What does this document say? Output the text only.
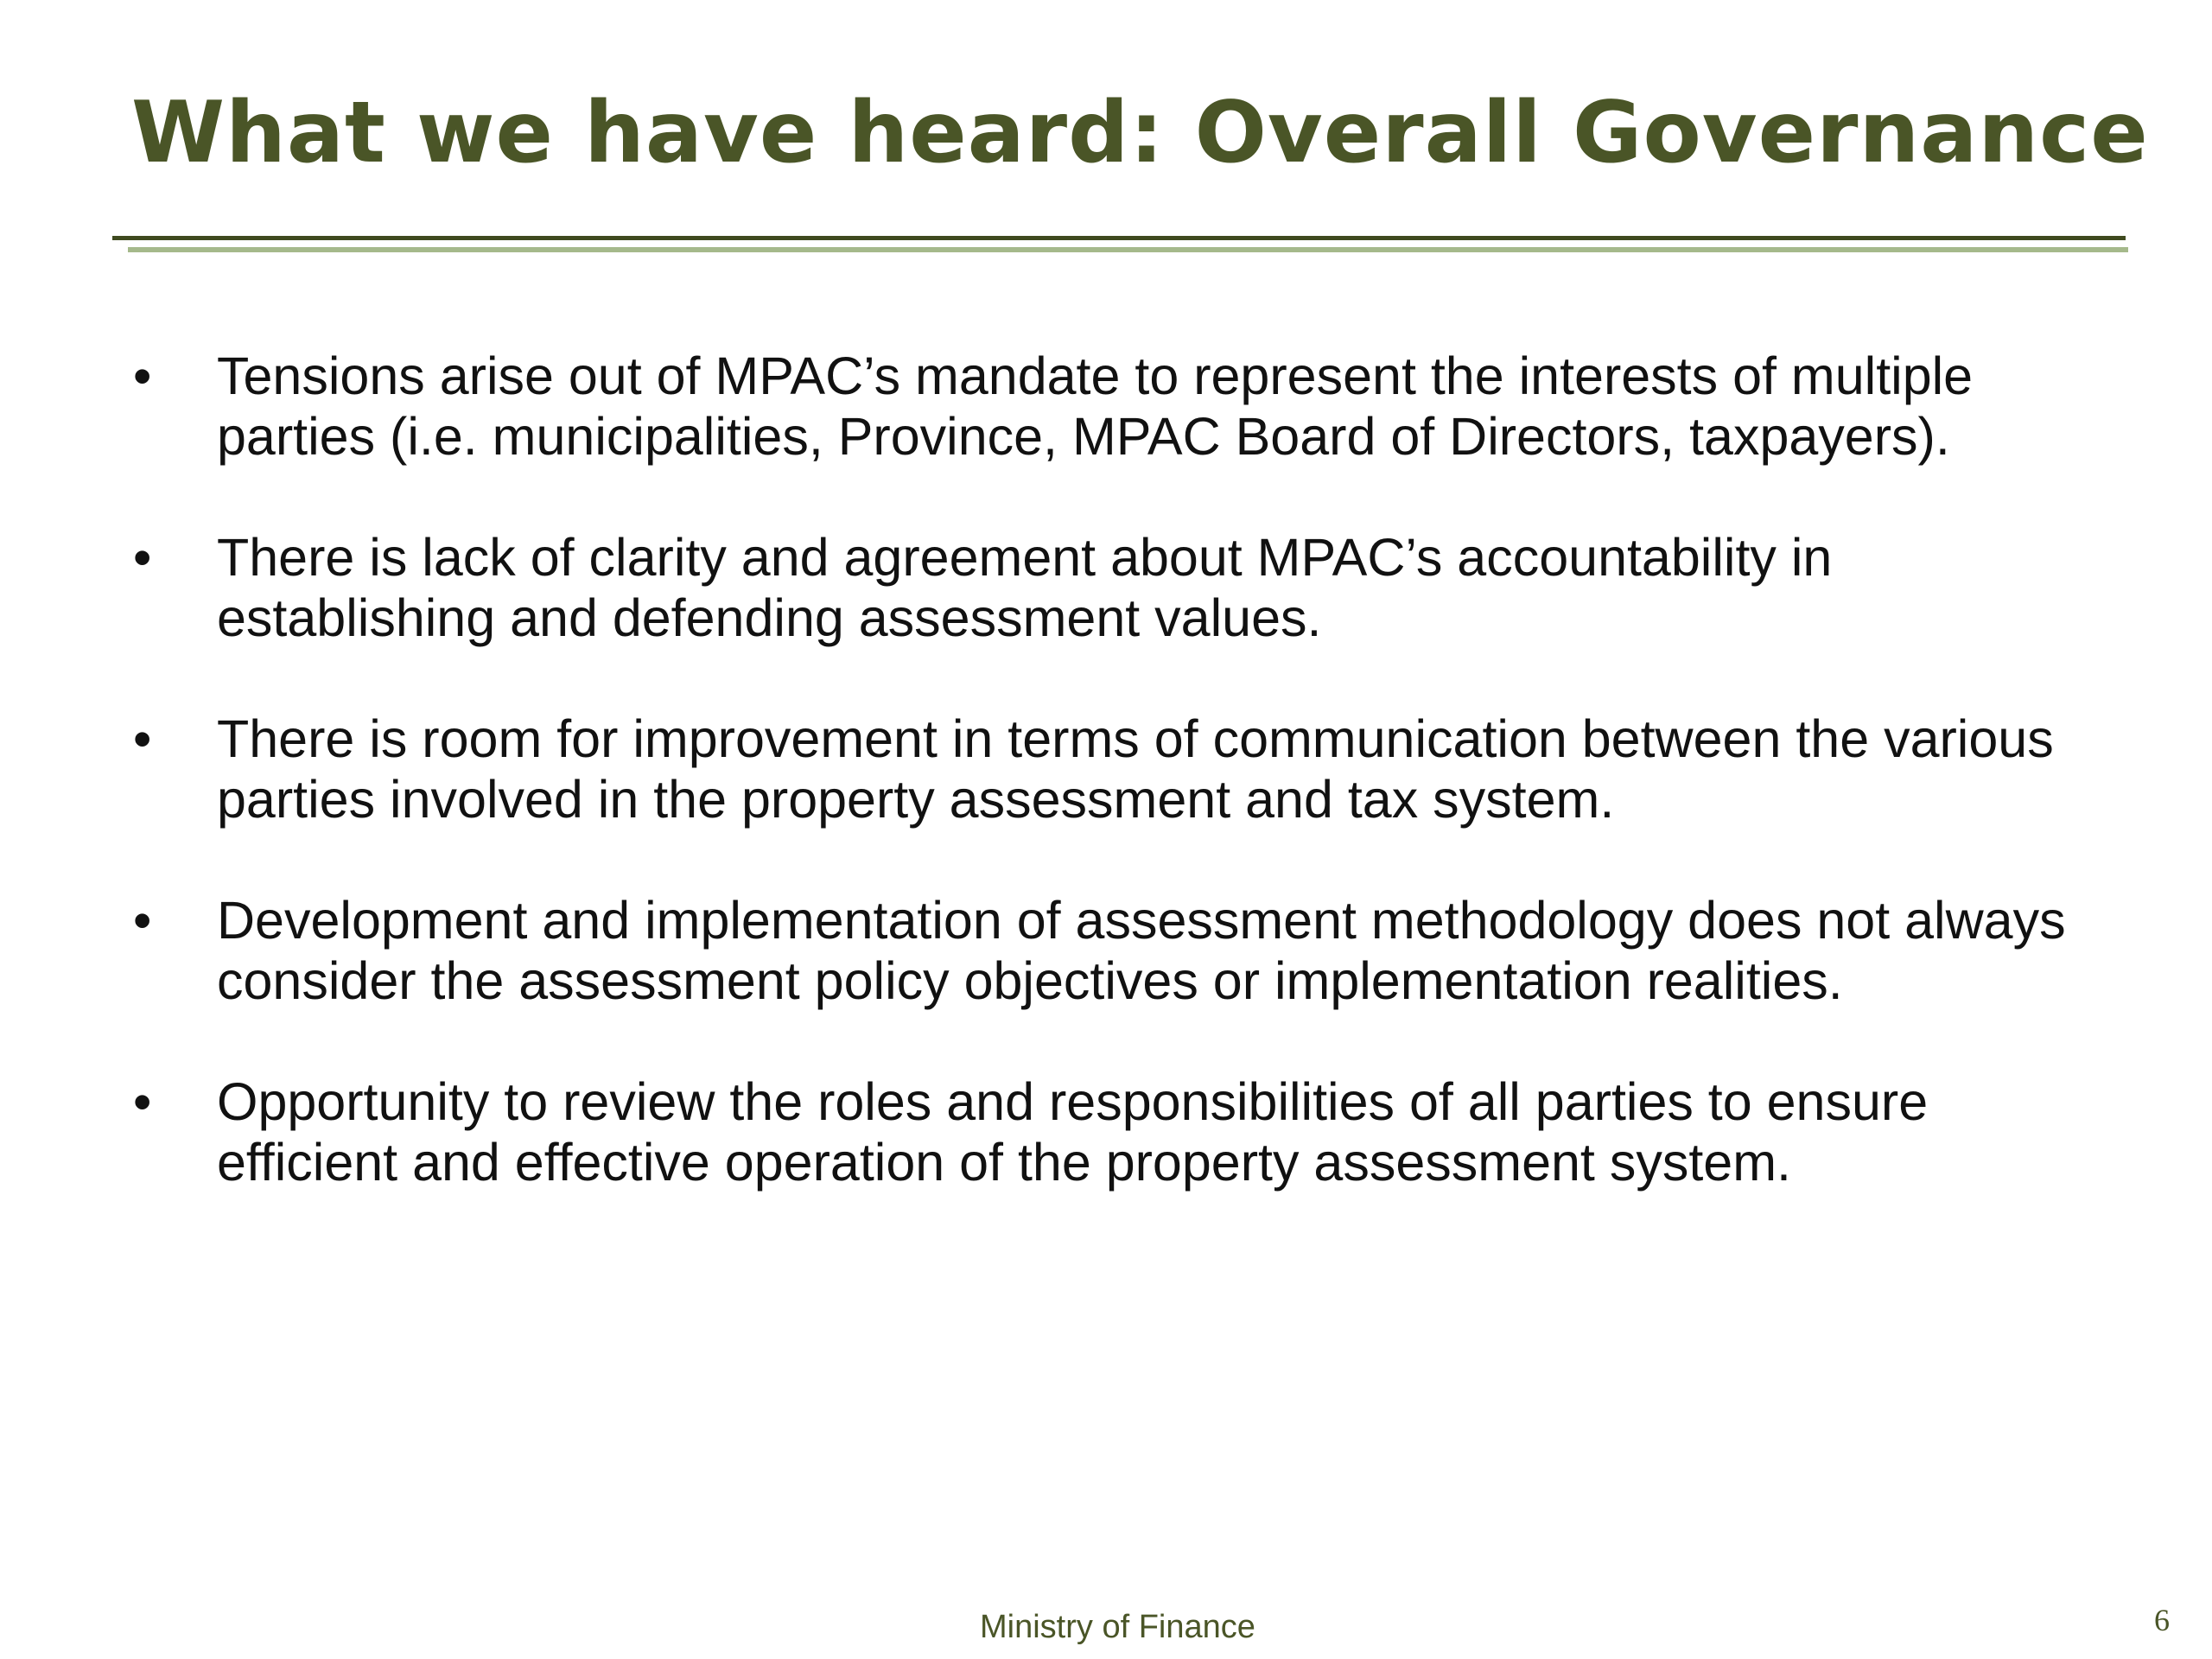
What we have heard: Overall Governance
• Tensions arise out of MPAC’s mandate to represent the interests of multiple parties (i.e. municipalities, Province, MPAC Board of Directors, taxpayers).
• There is lack of clarity and agreement about MPAC’s accountability in establishing and defending assessment values.
• There is room for improvement in terms of communication between the various parties involved in the property assessment and tax system.
• Development and implementation of assessment methodology does not always consider the assessment policy objectives or implementation realities.
• Opportunity to review the roles and responsibilities of all parties to ensure efficient and effective operation of the property assessment system.
Ministry of Finance	6
